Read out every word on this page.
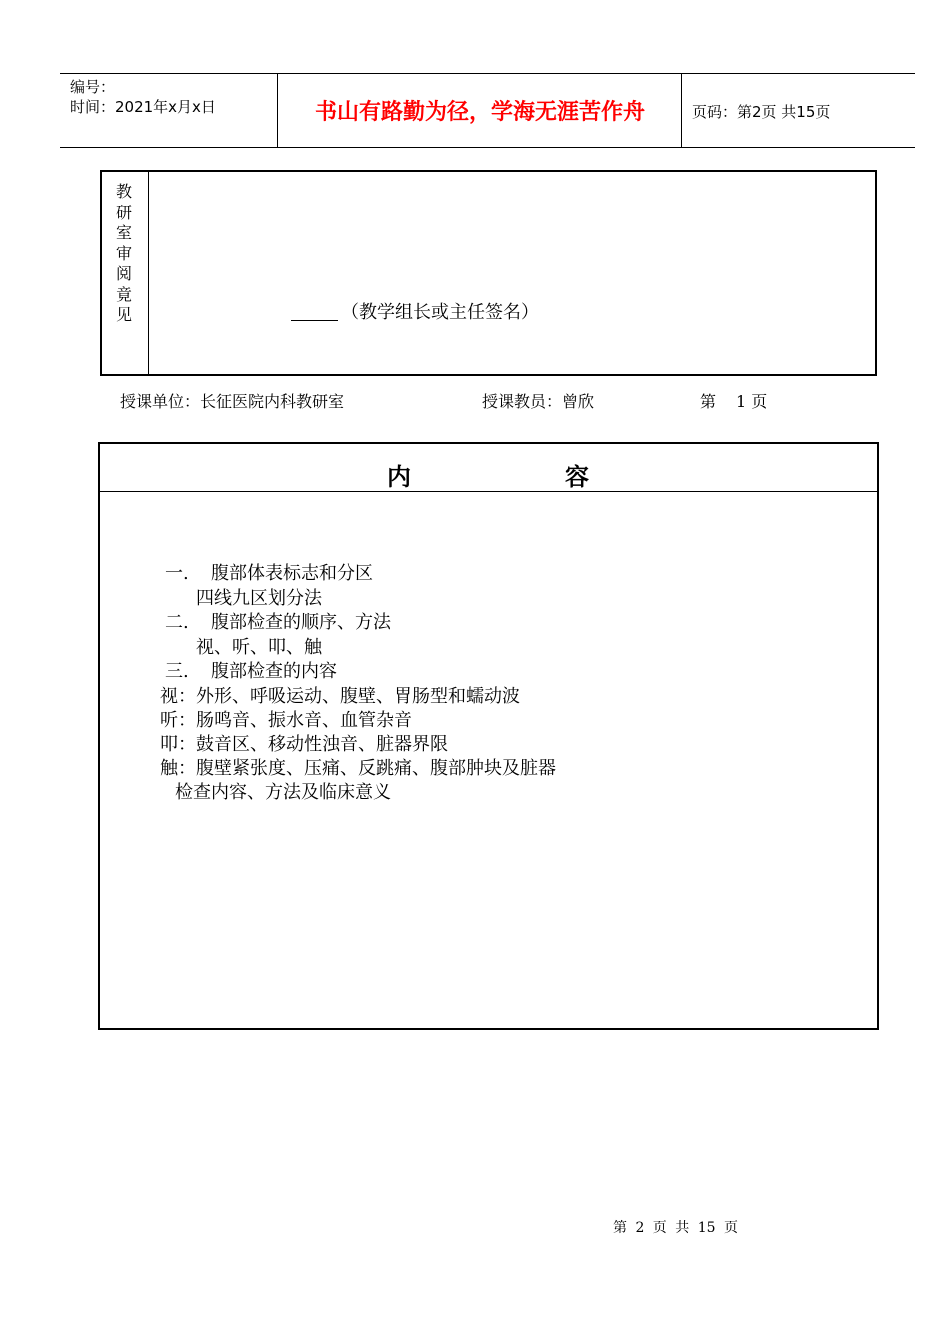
编号：
时间：2021年x月x日	书山有路勤为径，学海无涯苦作舟	页码：第2页 共15页
教
研
室
审
阅
竟
见	（教学组长或主任签名）
授课单位：长征医院内科教研室	授课教员：曾欣	第 1 页
内	容
一. 腹部体表标志和分区
四线九区划分法
二. 腹部检查的顺序、方法
视、听、叩、触
三. 腹部检查的内容
视：外形、呼吸运动、腹壁、胃肠型和蠕动波
听：肠鸣音、振水音、血管杂音
叩：鼓音区、移动性浊音、脏器界限
触：腹壁紧张度、压痛、反跳痛、腹部肿块及脏器
检查内容、方法及临床意义
第 2 页 共 15 页
